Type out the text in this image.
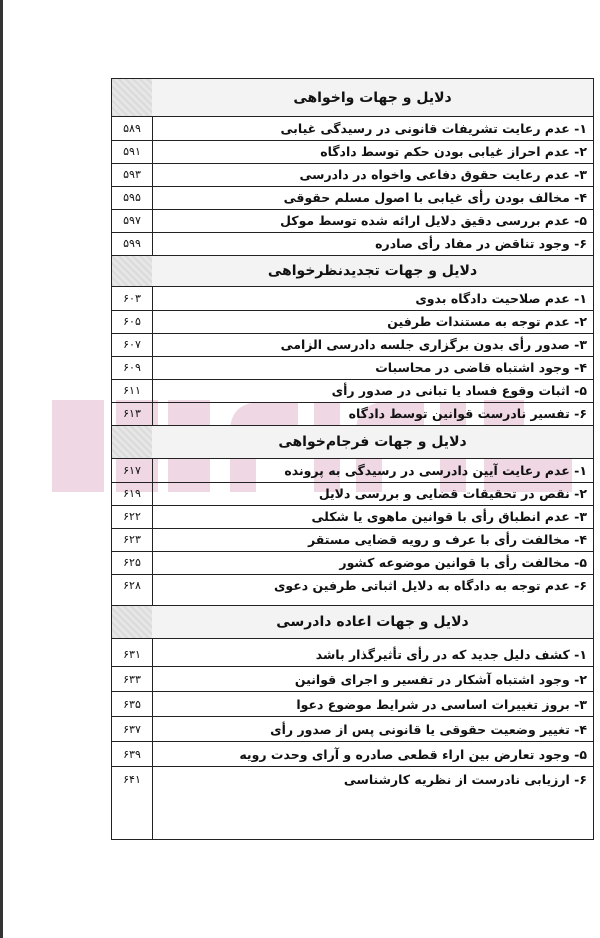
دلایل و جهات واخواهی
۵۸۹	۱- عدم رعایت تشریفات قانونی در رسیدگی غیابی
۵۹۱	۲- عدم احراز غیابی بودن حکم توسط دادگاه
۵۹۳	۳- عدم رعایت حقوق دفاعی واخواه در دادرسی
۵۹۵	۴- مخالف بودن رأی غیابی با اصول مسلم حقوقی
۵۹۷	۵- عدم بررسی دقیق دلایل ارائه شده توسط موکل
۵۹۹	۶- وجود تناقض در مفاد رأی صادره
دلایل و جهات تجدیدنظرخواهی
۶۰۳	۱- عدم صلاحیت دادگاه بدوی
۶۰۵	۲- عدم توجه به مستندات طرفین
۶۰۷	۳- صدور رأی بدون برگزاری جلسه دادرسی الزامی
۶۰۹	۴- وجود اشتباه قاضی در محاسبات
۶۱۱	۵- اثبات وقوع فساد یا تبانی در صدور رأی
۶۱۳	۶- تفسیر نادرست قوانین توسط دادگاه
دلایل و جهات فرجام‌خواهی
۶۱۷	۱- عدم رعایت آیین دادرسی در رسیدگی به پرونده
۶۱۹	۲- نقص در تحقیقات قضایی و بررسی دلایل
۶۲۲	۳- عدم انطباق رأی با قوانین ماهوی یا شکلی
۶۲۳	۴- مخالفت رأی با عرف و رویه قضایی مستقر
۶۲۵	۵- مخالفت رأی با قوانین موضوعه کشور
۶۲۸	۶- عدم توجه به دادگاه به دلایل اثباتی طرفین دعوی
دلایل و جهات اعاده دادرسی
۶۳۱	۱- کشف دلیل جدید که در رأی تأثیرگذار باشد
۶۳۳	۲- وجود اشتباه آشکار در تفسیر و اجرای قوانین
۶۳۵	۳- بروز تغییرات اساسی در شرایط موضوع دعوا
۶۳۷	۴- تغییر وضعیت حقوقی یا قانونی پس از صدور رأی
۶۳۹	۵- وجود تعارض بین اراء قطعی صادره و آرای وحدت رویه
۶۴۱	۶- ارزیابی نادرست از نظریه کارشناسی
